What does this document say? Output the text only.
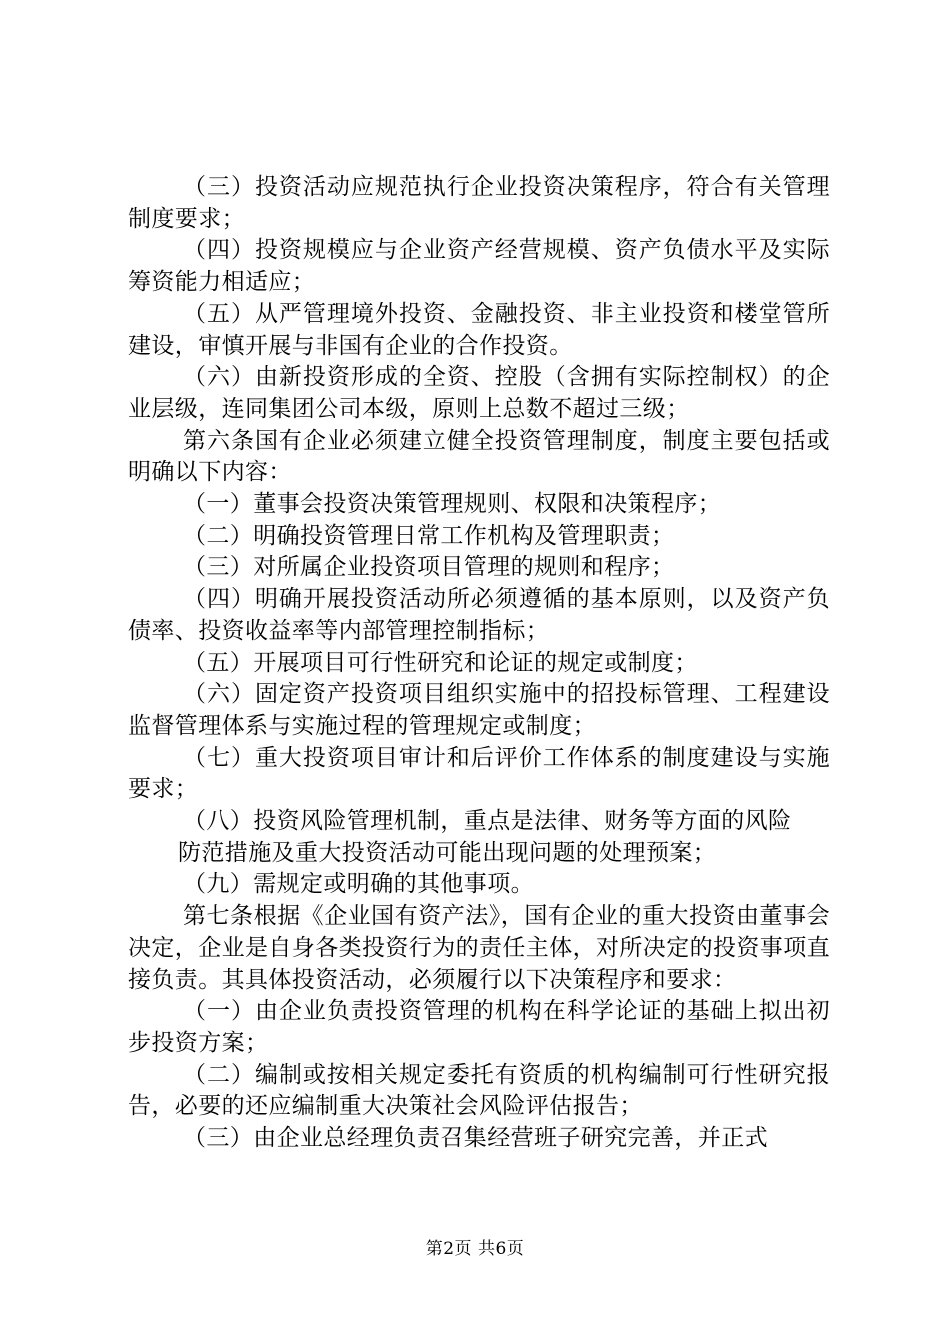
（三）投资活动应规范执行企业投资决策程序，符合有关管理制度要求；

（四）投资规模应与企业资产经营规模、资产负债水平及实际筹资能力相适应；

（五）从严管理境外投资、金融投资、非主业投资和楼堂管所建设，审慎开展与非国有企业的合作投资。

（六）由新投资形成的全资、控股（含拥有实际控制权）的企业层级，连同集团公司本级，原则上总数不超过三级；

第六条国有企业必须建立健全投资管理制度，制度主要包括或明确以下内容：

（一）董事会投资决策管理规则、权限和决策程序；

（二）明确投资管理日常工作机构及管理职责；

（三）对所属企业投资项目管理的规则和程序；

（四）明确开展投资活动所必须遵循的基本原则，以及资产负债率、投资收益率等内部管理控制指标；

（五）开展项目可行性研究和论证的规定或制度；

（六）固定资产投资项目组织实施中的招投标管理、工程建设监督管理体系与实施过程的管理规定或制度；

（七）重大投资项目审计和后评价工作体系的制度建设与实施要求；

（八）投资风险管理机制，重点是法律、财务等方面的风险

防范措施及重大投资活动可能出现问题的处理预案；

（九）需规定或明确的其他事项。

第七条根据《企业国有资产法》，国有企业的重大投资由董事会决定，企业是自身各类投资行为的责任主体，对所决定的投资事项直接负责。其具体投资活动，必须履行以下决策程序和要求：

（一）由企业负责投资管理的机构在科学论证的基础上拟出初步投资方案；

（二）编制或按相关规定委托有资质的机构编制可行性研究报告，必要的还应编制重大决策社会风险评估报告；

（三）由企业总经理负责召集经营班子研究完善，并正式

第2页 共6页
